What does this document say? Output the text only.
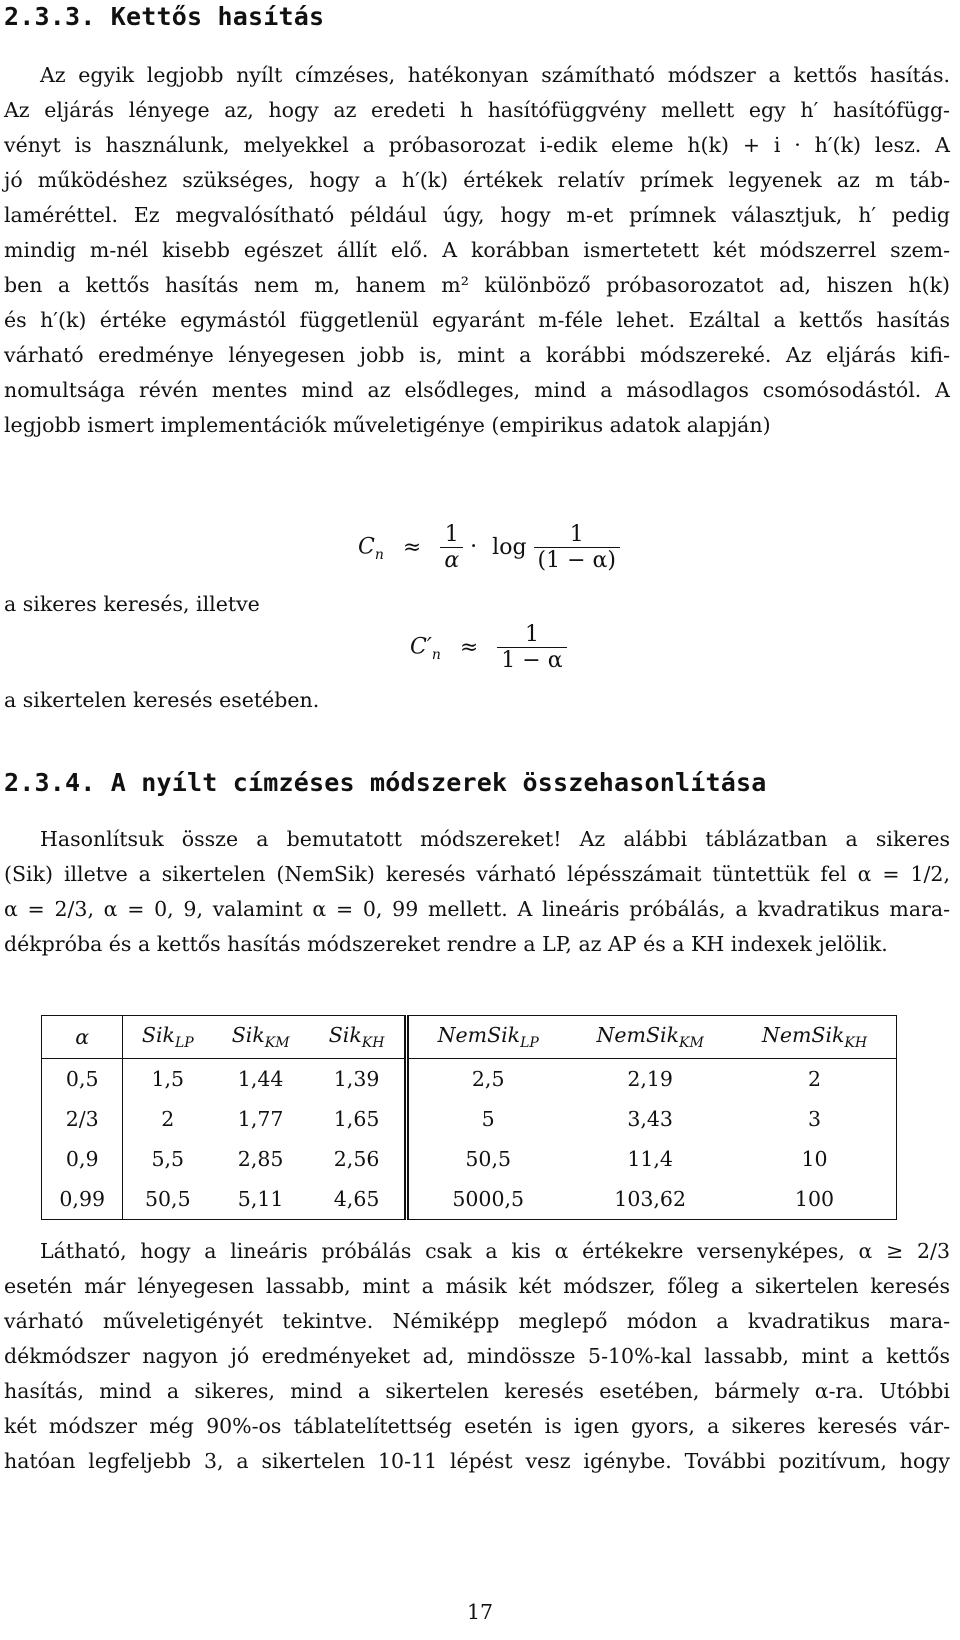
2.3.3. Kettős hasítás
Az egyik legjobb nyílt címzéses, hatékonyan számítható módszer a kettős hasítás.
Az eljárás lényege az, hogy az eredeti h hasítófüggvény mellett egy h′ hasítófügg-
vényt is használunk, melyekkel a próbasorozat i-edik eleme h(k) + i · h′(k) lesz. A
jó működéshez szükséges, hogy a h′(k) értékek relatív prímek legyenek az m táb-
laméréttel. Ez megvalósítható például úgy, hogy m-et prímnek választjuk, h′ pedig
mindig m-nél kisebb egészet állít elő. A korábban ismertetett két módszerrel szem-
ben a kettős hasítás nem m, hanem m² különböző próbasorozatot ad, hiszen h(k)
és h′(k) értéke egymástól függetlenül egyaránt m-féle lehet. Ezáltal a kettős hasítás
várható eredménye lényegesen jobb is, mint a korábbi módszereké. Az eljárás kifi-
nomultsága révén mentes mind az elsődleges, mind a másodlagos csomósodástól. A
legjobb ismert implementációk műveletigénye (empirikus adatok alapján)
$C_n \approx \frac{1}{\alpha} \cdot \log \frac{1}{(1 - \alpha)}$
a sikeres keresés, illetve
$C'_n \approx \frac{1}{1 - \alpha}$
a sikertelen keresés esetében.
2.3.4. A nyílt címzéses módszerek összehasonlítása
Hasonlítsuk össze a bemutatott módszereket! Az alábbi táblázatban a sikeres
(Sik) illetve a sikertelen (NemSik) keresés várható lépésszámait tüntettük fel α = 1/2,
α = 2/3, α = 0, 9, valamint α = 0, 99 mellett. A lineáris próbálás, a kvadratikus mara-
dékpróba és a kettős hasítás módszereket rendre a LP, az AP és a KH indexek jelölik.
α	Sik$_{LP}$	Sik$_{KM}$	Sik$_{KH}$	NemSik$_{LP}$	NemSik$_{KM}$	NemSik$_{KH}$
0,5	1,5	1,44	1,39	2,5	2,19	2
2/3	2	1,77	1,65	5	3,43	3
0,9	5,5	2,85	2,56	50,5	11,4	10
0,99	50,5	5,11	4,65	5000,5	103,62	100
Látható, hogy a lineáris próbálás csak a kis α értékekre versenyképes, α ≥ 2/3
esetén már lényegesen lassabb, mint a másik két módszer, főleg a sikertelen keresés
várható műveletigényét tekintve. Némiképp meglepő módon a kvadratikus mara-
dékmódszer nagyon jó eredményeket ad, mindössze 5-10%-kal lassabb, mint a kettős
hasítás, mind a sikeres, mind a sikertelen keresés esetében, bármely α-ra. Utóbbi
két módszer még 90%-os táblatelítettség esetén is igen gyors, a sikeres keresés vár-
hatóan legfeljebb 3, a sikertelen 10-11 lépést vesz igénybe. További pozitívum, hogy
17
